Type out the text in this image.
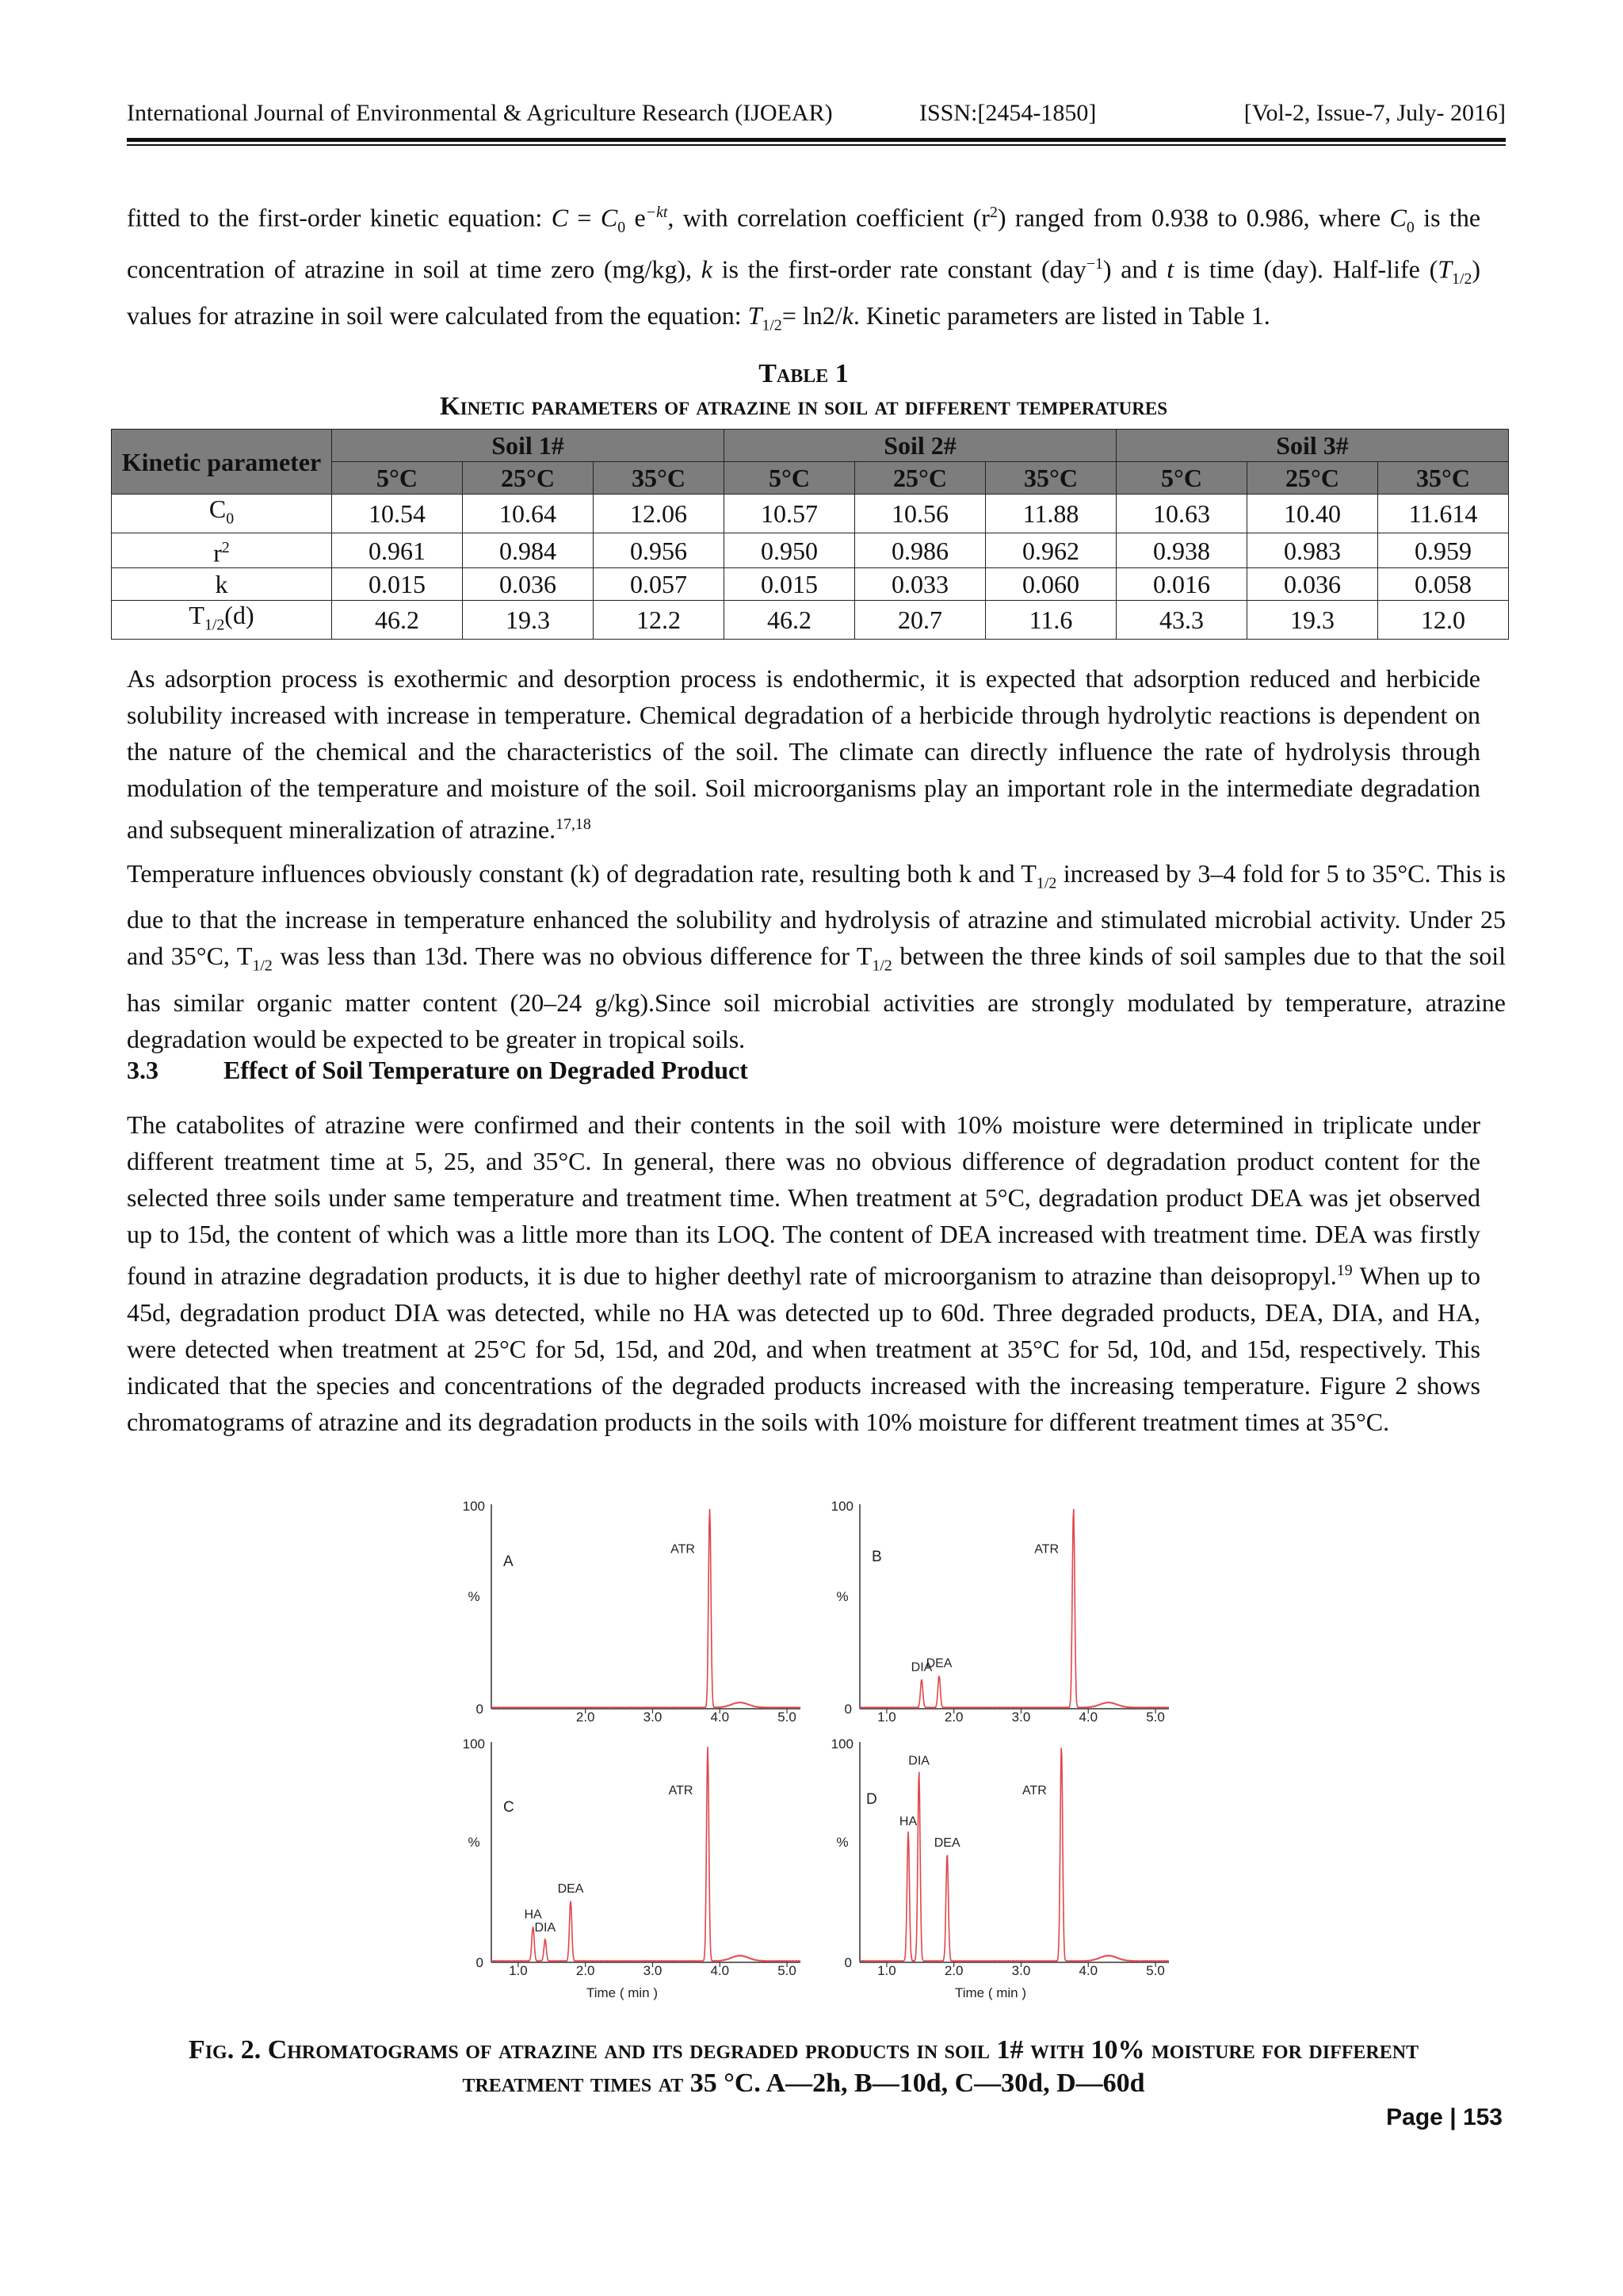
International Journal of Environmental & Agriculture Research (IJOEAR)	ISSN:[2454-1850]	[Vol-2, Issue-7, July- 2016]

fitted to the first-order kinetic equation: $C = C_0$ $e^{-kt}$, with correlation coefficient $(r^2)$ ranged from 0.938 to 0.986, where $C_0$ is the concentration of atrazine in soil at time zero (mg/kg), k is the first-order rate constant (day$^{-1}$) and t is time (day). Half-life $(T_{1/2})$ values for atrazine in soil were calculated from the equation: $T_{1/2}= \ln 2/k$. Kinetic parameters are listed in Table 1.

Table 1
Kinetic parameters of atrazine in soil at different temperatures
Kinetic parameter	Soil 1#			Soil 2#			Soil 3#		
	5°C	25°C	35°C	5°C	25°C	35°C	5°C	25°C	35°C
$C_0$	10.54	10.64	12.06	10.57	10.56	11.88	10.63	10.40	11.614
$r^2$	0.961	0.984	0.956	0.950	0.986	0.962	0.938	0.983	0.959
k	0.015	0.036	0.057	0.015	0.033	0.060	0.016	0.036	0.058
$T_{1/2}(d)$	46.2	19.3	12.2	46.2	20.7	11.6	43.3	19.3	12.0

As adsorption process is exothermic and desorption process is endothermic, it is expected that adsorption reduced and herbicide solubility increased with increase in temperature. Chemical degradation of a herbicide through hydrolytic reactions is dependent on the nature of the chemical and the characteristics of the soil. The climate can directly influence the rate of hydrolysis through modulation of the temperature and moisture of the soil. Soil microorganisms play an important role in the intermediate degradation and subsequent mineralization of atrazine.$^{17,18}$

Temperature influences obviously constant (k) of degradation rate, resulting both k and $T_{1/2}$ increased by 3–4 fold for 5 to 35°C. This is due to that the increase in temperature enhanced the solubility and hydrolysis of atrazine and stimulated microbial activity. Under 25 and 35°C, $T_{1/2}$ was less than 13d. There was no obvious difference for $T_{1/2}$ between the three kinds of soil samples due to that the soil has similar organic matter content (20–24 g/kg).Since soil microbial activities are strongly modulated by temperature, atrazine degradation would be expected to be greater in tropical soils.

3.3	Effect of Soil Temperature on Degraded Product

The catabolites of atrazine were confirmed and their contents in the soil with 10% moisture were determined in triplicate under different treatment time at 5, 25, and 35°C. In general, there was no obvious difference of degradation product content for the selected three soils under same temperature and treatment time. When treatment at 5°C, degradation product DEA was jet observed up to 15d, the content of which was a little more than its LOQ. The content of DEA increased with treatment time. DEA was firstly found in atrazine degradation products, it is due to higher deethyl rate of microorganism to atrazine than deisopropyl.$^{19}$ When up to 45d, degradation product DIA was detected, while no HA was detected up to 60d. Three degraded products, DEA, DIA, and HA, were detected when treatment at 25°C for 5d, 15d, and 20d, and when treatment at 35°C for 5d, 10d, and 15d, respectively. This indicated that the species and concentrations of the degraded products increased with the increasing temperature. Figure 2 shows chromatograms of atrazine and its degradation products in the soils with 10% moisture for different treatment times at 35°C.

100
0
%
2.0	3.0	4.0	5.0
A
ATR
100
0
%
1.0	2.0	3.0	4.0	5.0
B
DIA
DEA
ATR
100
0
%
1.0	2.0	3.0	4.0	5.0
Time ( min )
C
HA
DIA
DEA
ATR
100
0
%
1.0	2.0	3.0	4.0	5.0
Time ( min )
D
HA
DIA
DEA
ATR
Fig. 2. Chromatograms of atrazine and its degraded products in soil 1# with 10% moisture for different
treatment times at 35 °C. A—2h, B—10d, C—30d, D—60d
Page | 153
